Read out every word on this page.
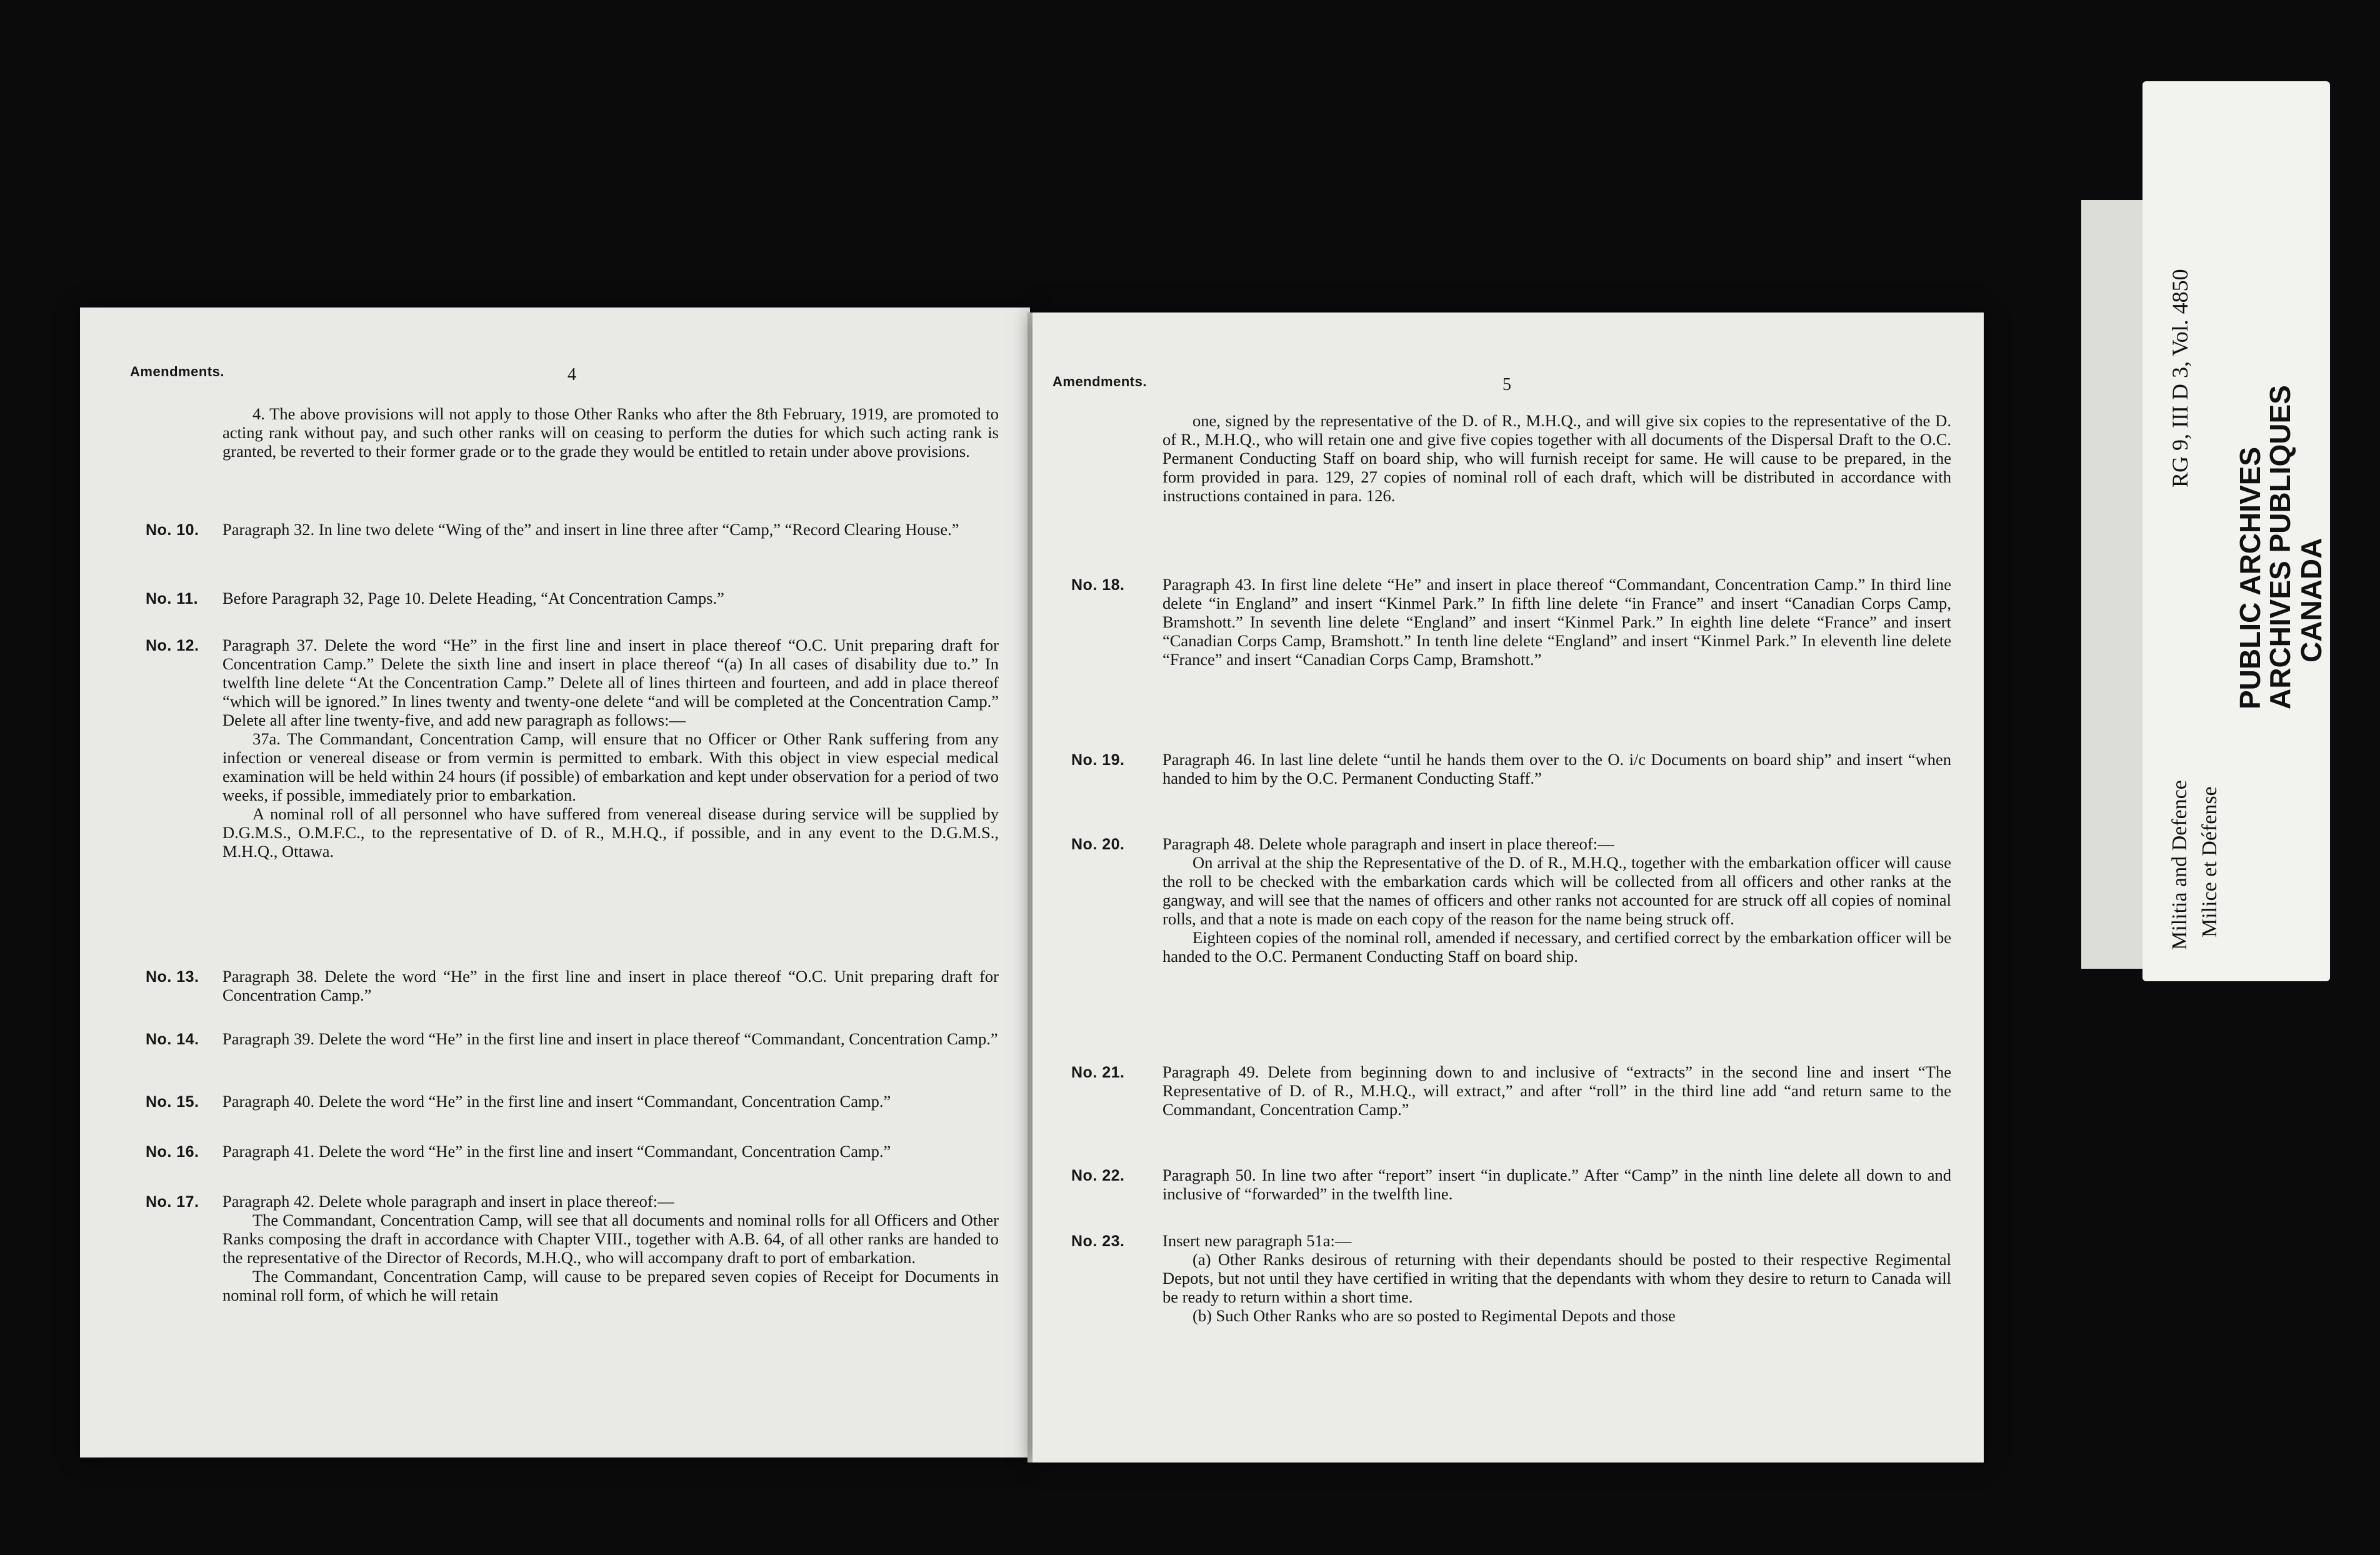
Amendments.	4

4. The above provisions will not apply to those Other Ranks who after the 8th February, 1919, are promoted to acting rank without pay, and such other ranks will on ceasing to perform the duties for which such acting rank is granted, be reverted to their former grade or to the grade they would be entitled to retain under above provisions.

No. 10. Paragraph 32. In line two delete “Wing of the” and insert in line three after “Camp,” “Record Clearing House.”

No. 11. Before Paragraph 32, Page 10. Delete Heading, “At Concentration Camps.”

No. 12. Paragraph 37. Delete the word “He” in the first line and insert in place thereof “O.C. Unit preparing draft for Concentration Camp.” Delete the sixth line and insert in place thereof “(a) In all cases of disability due to.” In twelfth line delete “At the Concentration Camp.” Delete all of lines thirteen and fourteen, and add in place thereof “which will be ignored.” In lines twenty and twenty-one delete “and will be completed at the Concentration Camp.” Delete all after line twenty-five, and add new paragraph as follows:—

37a. The Commandant, Concentration Camp, will ensure that no Officer or Other Rank suffering from any infection or venereal disease or from vermin is permitted to embark. With this object in view especial medical examination will be held within 24 hours (if possible) of embarkation and kept under observation for a period of two weeks, if possible, immediately prior to embarkation.

A nominal roll of all personnel who have suffered from venereal disease during service will be supplied by D.G.M.S., O.M.F.C., to the representative of D. of R., M.H.Q., if possible, and in any event to the D.G.M.S., M.H.Q., Ottawa.

No. 13. Paragraph 38. Delete the word “He” in the first line and insert in place thereof “O.C. Unit preparing draft for Concentration Camp.”

No. 14. Paragraph 39. Delete the word “He” in the first line and insert in place thereof “Commandant, Concentration Camp.”

No. 15. Paragraph 40. Delete the word “He” in the first line and insert “Commandant, Concentration Camp.”

No. 16. Paragraph 41. Delete the word “He” in the first line and insert “Commandant, Concentration Camp.”

No. 17. Paragraph 42. Delete whole paragraph and insert in place thereof:—

The Commandant, Concentration Camp, will see that all documents and nominal rolls for all Officers and Other Ranks composing the draft in accordance with Chapter VIII., together with A.B. 64, of all other ranks are handed to the representative of the Director of Records, M.H.Q., who will accompany draft to port of embarkation.

The Commandant, Concentration Camp, will cause to be prepared seven copies of Receipt for Documents in nominal roll form, of which he will retain

Amendments.	5

one, signed by the representative of the D. of R., M.H.Q., and will give six copies to the representative of the D. of R., M.H.Q., who will retain one and give five copies together with all documents of the Dispersal Draft to the O.C. Permanent Conducting Staff on board ship, who will furnish receipt for same. He will cause to be prepared, in the form provided in para. 129, 27 copies of nominal roll of each draft, which will be distributed in accordance with instructions contained in para. 126.

No. 18. Paragraph 43. In first line delete “He” and insert in place thereof “Commandant, Concentration Camp.” In third line delete “in England” and insert “Kinmel Park.” In fifth line delete “in France” and insert “Canadian Corps Camp, Bramshott.” In seventh line delete “England” and insert “Kinmel Park.” In eighth line delete “France” and insert “Canadian Corps Camp, Bramshott.” In tenth line delete “England” and insert “Kinmel Park.” In eleventh line delete “France” and insert “Canadian Corps Camp, Bramshott.”

No. 19. Paragraph 46. In last line delete “until he hands them over to the O. i/c Documents on board ship” and insert “when handed to him by the O.C. Permanent Conducting Staff.”

No. 20. Paragraph 48. Delete whole paragraph and insert in place thereof:—

On arrival at the ship the Representative of the D. of R., M.H.Q., together with the embarkation officer will cause the roll to be checked with the embarkation cards which will be collected from all officers and other ranks at the gangway, and will see that the names of officers and other ranks not accounted for are struck off all copies of nominal rolls, and that a note is made on each copy of the reason for the name being struck off.

Eighteen copies of the nominal roll, amended if necessary, and certified correct by the embarkation officer will be handed to the O.C. Permanent Conducting Staff on board ship.

No. 21. Paragraph 49. Delete from beginning down to and inclusive of “extracts” in the second line and insert “The Representative of D. of R., M.H.Q., will extract,” and after “roll” in the third line add “and return same to the Commandant, Concentration Camp.”

No. 22. Paragraph 50. In line two after “report” insert “in duplicate.” After “Camp” in the ninth line delete all down to and inclusive of “forwarded” in the twelfth line.

No. 23. Insert new paragraph 51a:—

(a) Other Ranks desirous of returning with their dependants should be posted to their respective Regimental Depots, but not until they have certified in writing that the dependants with whom they desire to return to Canada will be ready to return within a short time.

(b) Such Other Ranks who are so posted to Regimental Depots and those

PUBLIC ARCHIVES
ARCHIVES PUBLIQUES
CANADA
RG 9, III D 3, Vol. 4850
Militia and Defence Milice et Défense
